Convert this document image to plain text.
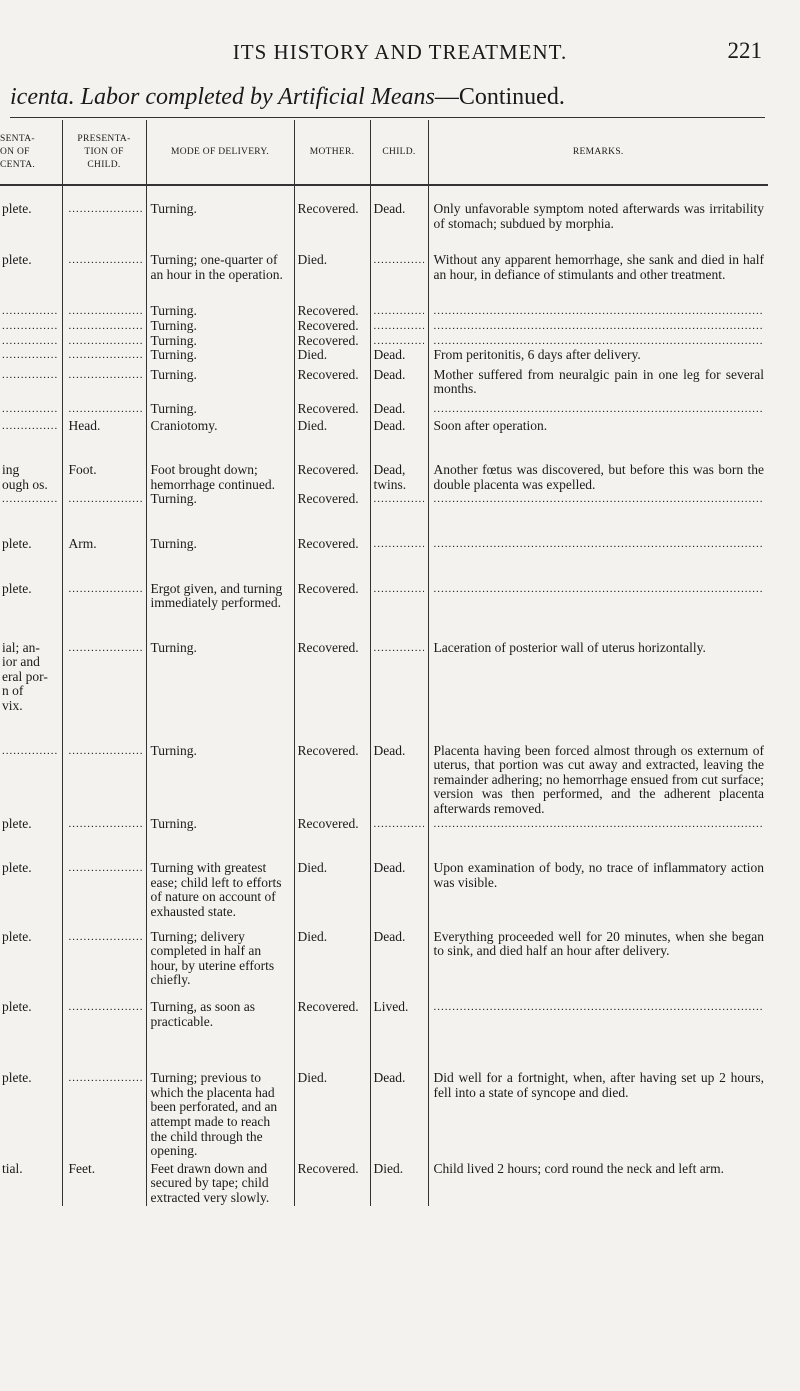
ITS HISTORY AND TREATMENT.	221
icenta. Labor completed by Artificial Means—Continued.
SENTA-
ON OF
CENTA.	PRESENTA-
TION OF
CHILD.	MODE OF DELIVERY.	MOTHER.	CHILD.	REMARKS.

plete.	.....	Turning.	Recovered.	Dead.	Only unfavorable symptom noted afterwards was irritability of stomach; subdued by morphia.

plete.	.....	Turning; one-quarter of an hour in the operation.	Died.	.....	Without any apparent hemorrhage, she sank and died in half an hour, in defiance of stimulants and other treatment.

.....	.....	Turning.	Recovered.	.....	.....
.....	.....	Turning.	Recovered.	.....	.....
.....	.....	Turning.	Recovered.	.....	.....
.....	.....	Turning.	Died.	Dead.	From peritonitis, 6 days after delivery.

.....	.....	Turning.	Recovered.	Dead.	Mother suffered from neuralgic pain in one leg for several months.

.....	.....	Turning.	Recovered.	Dead.	.....

.....	Head.	Craniotomy.	Died.	Dead.	Soon after operation.

ing
ough os.	Foot.	Foot brought down; hemorrhage continued.	Recovered.	Dead, twins.	Another fœtus was discovered, but before this was born the double placenta was expelled.
.....	.....	Turning.	Recovered.	.....	.....

plete.	Arm.	Turning.	Recovered.	.....	.....

plete.	.....	Ergot given, and turning immediately performed.	Recovered.	.....	.....

ial; an-
ior and
eral por-
n of
vix.	.....	Turning.	Recovered.	.....	Laceration of posterior wall of uterus horizontally.

.....	.....	Turning.	Recovered.	Dead.	Placenta having been forced almost through os externum of uterus, that portion was cut away and extracted, leaving the remainder adhering; no hemorrhage ensued from cut surface; version was then performed, and the adherent placenta afterwards removed.
plete.	.....	Turning.	Recovered.	.....	.....

plete.	.....	Turning with greatest ease; child left to efforts of nature on account of exhausted state.	Died.	Dead.	Upon examination of body, no trace of inflammatory action was visible.

plete.	.....	Turning; delivery completed in half an hour, by uterine efforts chiefly.	Died.	Dead.	Everything proceeded well for 20 minutes, when she began to sink, and died half an hour after delivery.

plete.	.....	Turning, as soon as practicable.	Recovered.	Lived.	.....

plete.	.....	Turning; previous to which the placenta had been perforated, and an attempt made to reach the child through the opening.	Died.	Dead.	Did well for a fortnight, when, after having set up 2 hours, fell into a state of syncope and died.

tial.	Feet.	Feet drawn down and secured by tape; child extracted very slowly.	Recovered.	Died.	Child lived 2 hours; cord round the neck and left arm.
